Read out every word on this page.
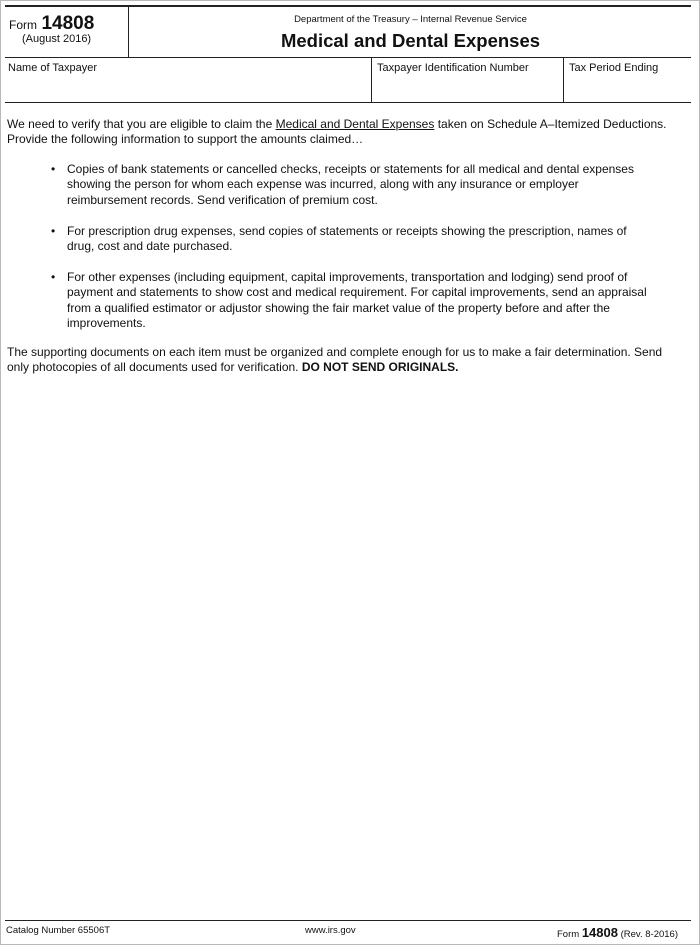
Form 14808
(August 2016)
Department of the Treasury – Internal Revenue Service
Medical and Dental Expenses
Name of Taxpayer	Taxpayer Identification Number	Tax Period Ending

We need to verify that you are eligible to claim the Medical and Dental Expenses taken on Schedule A–Itemized Deductions. Provide the following information to support the amounts claimed…

• Copies of bank statements or cancelled checks, receipts or statements for all medical and dental expenses showing the person for whom each expense was incurred, along with any insurance or employer reimbursement records. Send verification of premium cost.
• For prescription drug expenses, send copies of statements or receipts showing the prescription, names of drug, cost and date purchased.
• For other expenses (including equipment, capital improvements, transportation and lodging) send proof of payment and statements to show cost and medical requirement. For capital improvements, send an appraisal from a qualified estimator or adjustor showing the fair market value of the property before and after the improvements.

The supporting documents on each item must be organized and complete enough for us to make a fair determination. Send only photocopies of all documents used for verification. DO NOT SEND ORIGINALS.

Catalog Number 65506T	www.irs.gov	Form 14808 (Rev. 8-2016)
